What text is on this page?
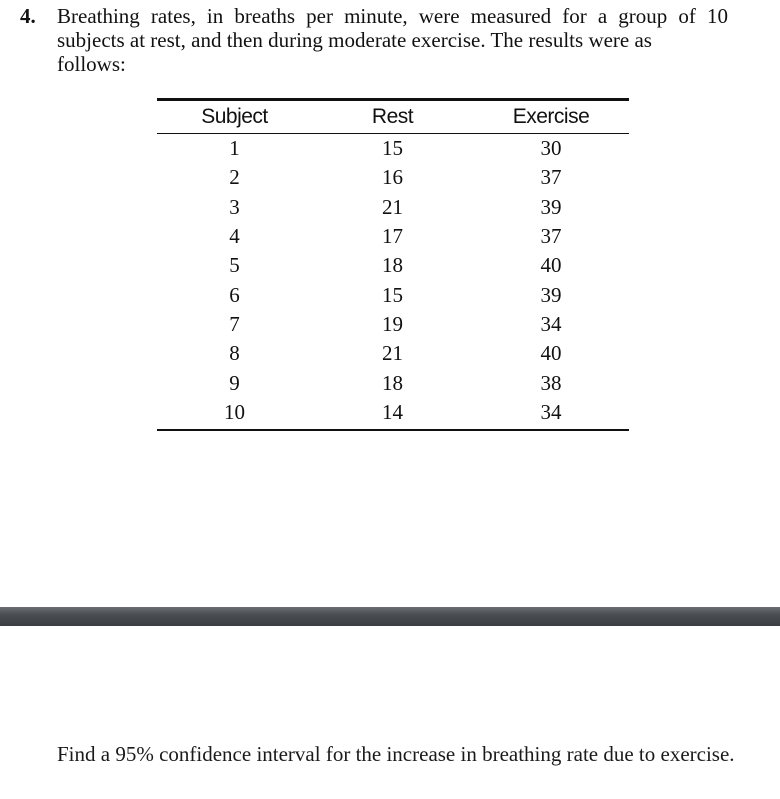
4. Breathing rates, in breaths per minute, were measured for a group of 10 subjects at rest, and then during moderate exercise. The results were as
follows:
Subject	Rest	Exercise
1	15	30
2	16	37
3	21	39
4	17	37
5	18	40
6	15	39
7	19	34
8	21	40
9	18	38
10	14	34
Find a 95% confidence interval for the increase in breathing rate due to exercise.
